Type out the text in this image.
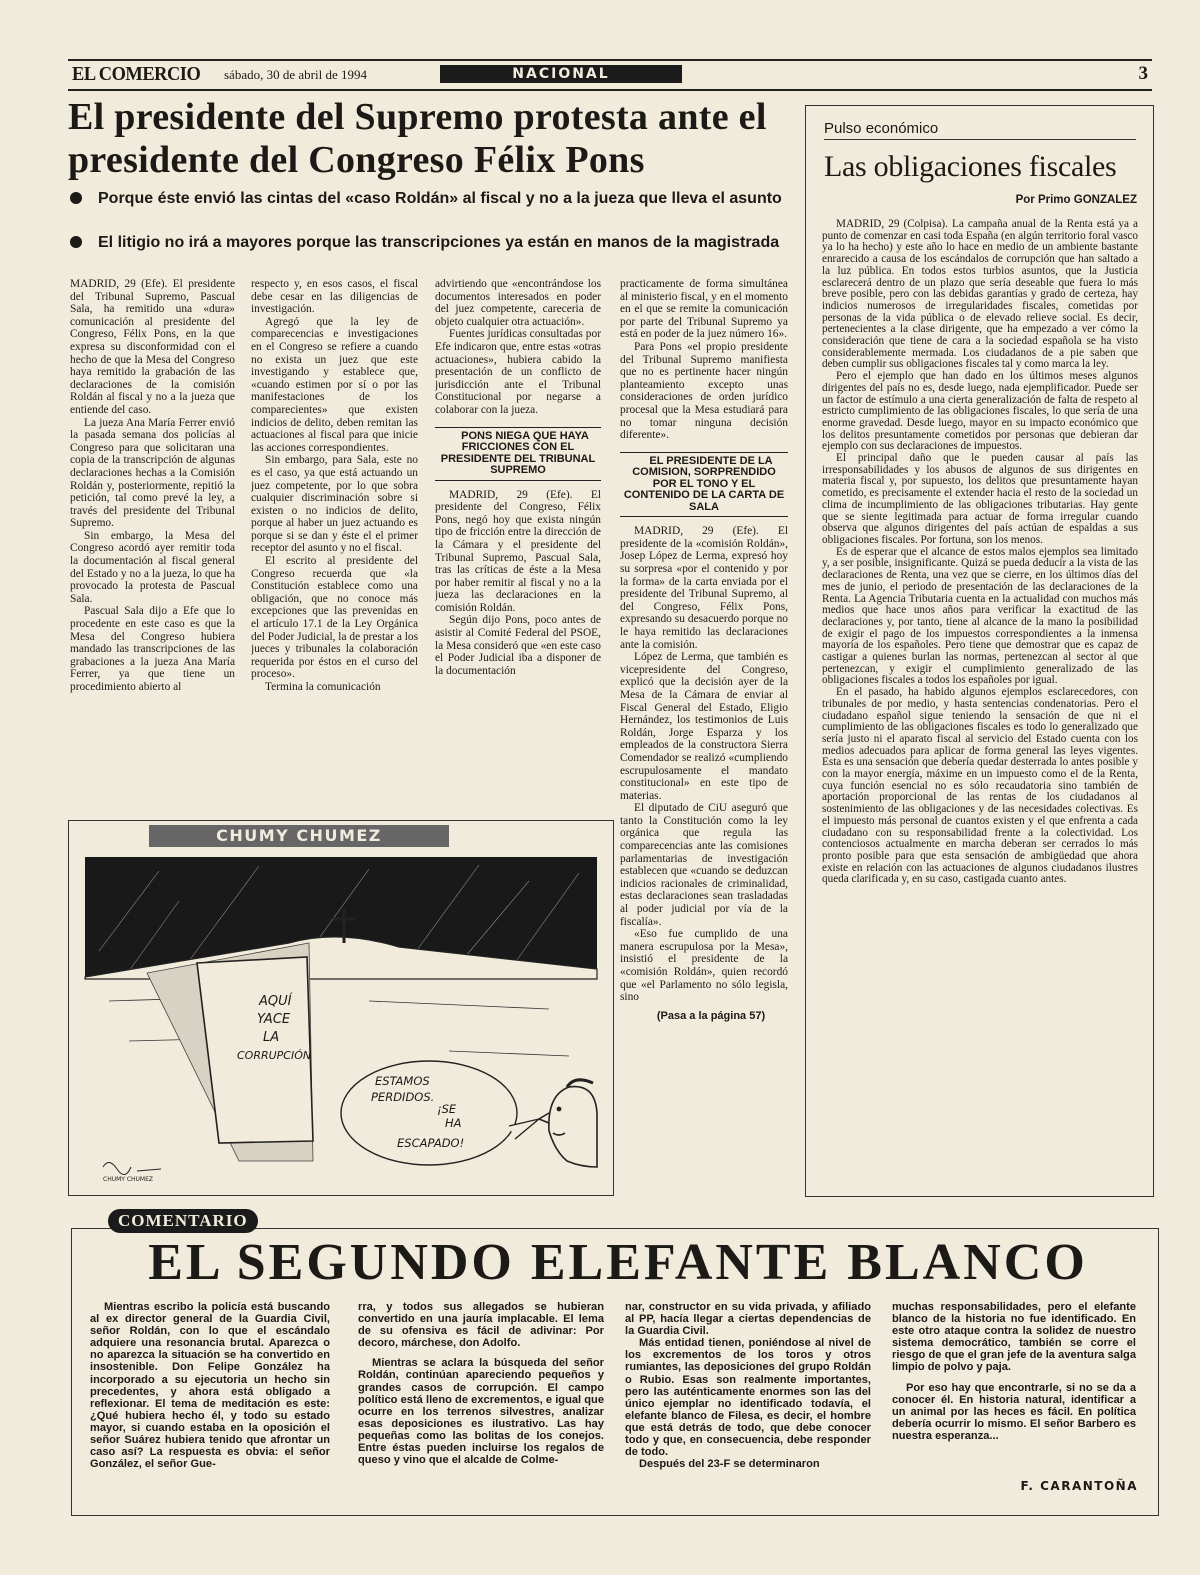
EL COMERCIO sábado, 30 de abril de 1994	NACIONAL	3
El presidente del Supremo protesta ante el presidente del Congreso Félix Pons
Porque éste envió las cintas del «caso Roldán» al fiscal y no a la jueza que lleva el asunto
El litigio no irá a mayores porque las transcripciones ya están en manos de la magistrada

MADRID, 29 (Efe). El presidente del Tribunal Supremo, Pascual Sala, ha remitido una «dura» comunicación al presidente del Congreso, Félix Pons, en la que expresa su disconformidad con el hecho de que la Mesa del Congreso haya remitido la grabación de las declaraciones de la comisión Roldán al fiscal y no a la jueza que entiende del caso.

La jueza Ana María Ferrer envió la pasada semana dos policías al Congreso para que solicitaran una copia de la transcripción de algunas declaraciones hechas a la Comisión Roldán y, posteriormente, repitió la petición, tal como prevé la ley, a través del presidente del Tribunal Supremo.

Sin embargo, la Mesa del Congreso acordó ayer remitir toda la documentación al fiscal general del Estado y no a la jueza, lo que ha provocado la protesta de Pascual Sala.

Pascual Sala dijo a Efe que lo procedente en este caso es que la Mesa del Congreso hubiera mandado las transcripciones de las grabaciones a la jueza Ana María Ferrer, ya que tiene un procedimiento abierto al

respecto y, en esos casos, el fiscal debe cesar en las diligencias de investigación.

Agregó que la ley de comparecencias e investigaciones en el Congreso se refiere a cuando no exista un juez que este investigando y establece que, «cuando estimen por sí o por las manifestaciones de los comparecientes» que existen indicios de delito, deben remitan las actuaciones al fiscal para que inicie las acciones correspondientes.

Sin embargo, para Sala, este no es el caso, ya que está actuando un juez competente, por lo que sobra cualquier discriminación sobre si existen o no indicios de delito, porque al haber un juez actuando es porque si se dan y éste el el primer receptor del asunto y no el fiscal.

El escrito al presidente del Congreso recuerda que «la Constitución establece como una obligación, que no conoce más excepciones que las prevenidas en el artículo 17.1 de la Ley Orgánica del Poder Judicial, la de prestar a los jueces y tribunales la colaboración requerida por éstos en el curso del proceso».

Termina la comunicación

advirtiendo que «encontrándose los documentos interesados en poder del juez competente, careceria de objeto cualquier otra actuación».

Fuentes jurídicas consultadas por Efe indicaron que, entre estas «otras actuaciones», hubiera cabido la presentación de un conflicto de jurisdicción ante el Tribunal Constitucional por negarse a colaborar con la jueza.

PONS NIEGA QUE HAYA FRICCIONES CON EL PRESIDENTE DEL TRIBUNAL SUPREMO

MADRID, 29 (Efe). El presidente del Congreso, Félix Pons, negó hoy que exista ningún tipo de fricción entre la dirección de la Cámara y el presidente del Tribunal Supremo, Pascual Sala, tras las críticas de éste a la Mesa por haber remitir al fiscal y no a la jueza las declaraciones en la comisión Roldán.

Según dijo Pons, poco antes de asistir al Comité Federal del PSOE, la Mesa consideró que «en este caso el Poder Judicial iba a disponer de la documentación

practicamente de forma simultánea al ministerio fiscal, y en el momento en el que se remite la comunicación por parte del Tribunal Supremo ya está en poder de la juez número 16».

Para Pons «el propio presidente del Tribunal Supremo manifiesta que no es pertinente hacer ningún planteamiento excepto unas consideraciones de orden jurídico procesal que la Mesa estudiará para no tomar ninguna decisión diferente».

EL PRESIDENTE DE LA COMISION, SORPRENDIDO POR EL TONO Y EL CONTENIDO DE LA CARTA DE SALA

MADRID, 29 (Efe). El presidente de la «comisión Roldán», Josep López de Lerma, expresó hoy su sorpresa «por el contenido y por la forma» de la carta enviada por el presidente del Tribunal Supremo, al del Congreso, Félix Pons, expresando su desacuerdo porque no le haya remitido las declaraciones ante la comisión.

López de Lerma, que también es vicepresidente del Congreso, explicó que la decisión ayer de la Mesa de la Cámara de enviar al Fiscal General del Estado, Eligio Hernández, los testimonios de Luis Roldán, Jorge Esparza y los empleados de la constructora Sierra Comendador se realizó «cumpliendo escrupulosamente el mandato constitucional» en este tipo de materias.

El diputado de CiU aseguró que tanto la Constitución como la ley orgánica que regula las comparecencias ante las comisiones parlamentarias de investigación establecen que «cuando se deduzcan indicios racionales de criminalidad, estas declaraciones sean trasladadas al poder judicial por vía de la fiscalía».

«Eso fue cumplido de una manera escrupulosa por la Mesa», insistió el presidente de la «comisión Roldán», quien recordó que «el Parlamento no sólo legisla, sino

(Pasa a la página 57)

CHUMY CHUMEZ
AQUÍ
YACE
LA
CORRUPCIÓN
ESTAMOS
PERDIDOS.
¡SE
HA
ESCAPADO!
CHUMY CHUMEZ
Pulso económico
Las obligaciones fiscales
Por Primo GONZALEZ

MADRID, 29 (Colpisa). La campaña anual de la Renta está ya a punto de comenzar en casi toda España (en algún territorio foral vasco ya lo ha hecho) y este año lo hace en medio de un ambiente bastante enrarecido a causa de los escándalos de corrupción que han saltado a la luz pública. En todos estos turbios asuntos, que la Justicia esclarecerá dentro de un plazo que sería deseable que fuera lo más breve posible, pero con las debidas garantías y grado de certeza, hay indicios numerosos de irregularidades fiscales, cometidas por personas de la vida pública o de elevado relieve social. Es decir, pertenecientes a la clase dirigente, que ha empezado a ver cómo la consideración que tiene de cara a la sociedad española se ha visto considerablemente mermada. Los ciudadanos de a pie saben que deben cumplir sus obligaciones fiscales tal y como marca la ley.

Pero el ejemplo que han dado en los últimos meses algunos dirigentes del país no es, desde luego, nada ejemplificador. Puede ser un factor de estímulo a una cierta generalización de falta de respeto al estricto cumplimiento de las obligaciones fiscales, lo que sería de una enorme gravedad. Desde luego, mayor en su impacto económico que los delitos presuntamente cometidos por personas que debieran dar ejemplo con sus declaraciones de impuestos.

El principal daño que le pueden causar al país las irresponsabilidades y los abusos de algunos de sus dirigentes en materia fiscal y, por supuesto, los delitos que presuntamente hayan cometido, es precisamente el extender hacia el resto de la sociedad un clima de incumplimiento de las obligaciones tributarias. Hay gente que se siente legitimada para actuar de forma irregular cuando observa que algunos dirigentes del país actúan de espaldas a sus obligaciones fiscales. Por fortuna, son los menos.

Es de esperar que el alcance de estos malos ejemplos sea limitado y, a ser posible, insignificante. Quizá se pueda deducir a la vista de las declaraciones de Renta, una vez que se cierre, en los últimos días del mes de junio, el periodo de presentación de las declaraciones de la Renta. La Agencia Tributaria cuenta en la actualidad con muchos más medios que hace unos años para verificar la exactitud de las declaraciones y, por tanto, tiene al alcance de la mano la posibilidad de exigir el pago de los impuestos correspondientes a la inmensa mayoría de los españoles. Pero tiene que demostrar que es capaz de castigar a quienes burlan las normas, pertenezcan al sector al que pertenezcan, y exigir el cumplimiento generalizado de las obligaciones fiscales a todos los españoles por igual.

En el pasado, ha habido algunos ejemplos esclarecedores, con tribunales de por medio, y hasta sentencias condenatorias. Pero el ciudadano español sigue teniendo la sensación de que ni el cumplimiento de las obligaciones fiscales es todo lo generalizado que sería justo ni el aparato fiscal al servicio del Estado cuenta con los medios adecuados para aplicar de forma general las leyes vigentes. Esta es una sensación que debería quedar desterrada lo antes posible y con la mayor energía, máxime en un impuesto como el de la Renta, cuya función esencial no es sólo recaudatoria sino también de aportación proporcional de las rentas de los ciudadanos al sostenimiento de las obligaciones y de las necesidades colectivas. Es el impuesto más personal de cuantos existen y el que enfrenta a cada ciudadano con su responsabilidad frente a la colectividad. Los contenciosos actualmente en marcha deberan ser cerrados lo más pronto posible para que esta sensación de ambigüedad que ahora existe en relación con las actuaciones de algunos ciudadanos ilustres queda clarificada y, en su caso, castigada cuanto antes.

COMENTARIO
EL SEGUNDO ELEFANTE BLANCO

Mientras escribo la policía está buscando al ex director general de la Guardia Civil, señor Roldán, con lo que el escándalo adquiere una resonancia brutal. Aparezca o no aparezca la situación se ha convertido en insostenible. Don Felipe González ha incorporado a su ejecutoria un hecho sin precedentes, y ahora está obligado a reflexionar. El tema de meditación es este: ¿Qué hubiera hecho él, y todo su estado mayor, si cuando estaba en la oposición el señor Suárez hubiera tenido que afrontar un caso así? La respuesta es obvia: el señor González, el señor Gue-

rra, y todos sus allegados se hubieran convertido en una jauría implacable. El lema de su ofensiva es fácil de adivinar: Por decoro, márchese, don Adolfo.

Mientras se aclara la búsqueda del señor Roldán, continúan apareciendo pequeños y grandes casos de corrupción. El campo político está lleno de excrementos, e igual que ocurre en los terrenos silvestres, analizar esas deposiciones es ilustrativo. Las hay pequeñas como las bolitas de los conejos. Entre éstas pueden incluirse los regalos de queso y vino que el alcalde de Colme-

nar, constructor en su vida privada, y afiliado al PP, hacía llegar a ciertas dependencias de la Guardia Civil.

Más entidad tienen, poniéndose al nivel de los excrementos de los toros y otros rumiantes, las deposiciones del grupo Roldán o Rubio. Esas son realmente importantes, pero las auténticamente enormes son las del único ejemplar no identificado todavía, el elefante blanco de Filesa, es decir, el hombre que está detrás de todo, que debe conocer todo y que, en consecuencia, debe responder de todo.

Después del 23-F se determinaron

muchas responsabilidades, pero el elefante blanco de la historia no fue identificado. En este otro ataque contra la solidez de nuestro sistema democrático, también se corre el riesgo de que el gran jefe de la aventura salga limpio de polvo y paja.

Por eso hay que encontrarle, si no se da a conocer él. En historia natural, identificar a un animal por las heces es fácil. En política debería ocurrir lo mismo. El señor Barbero es nuestra esperanza...

F. CARANTOÑA
